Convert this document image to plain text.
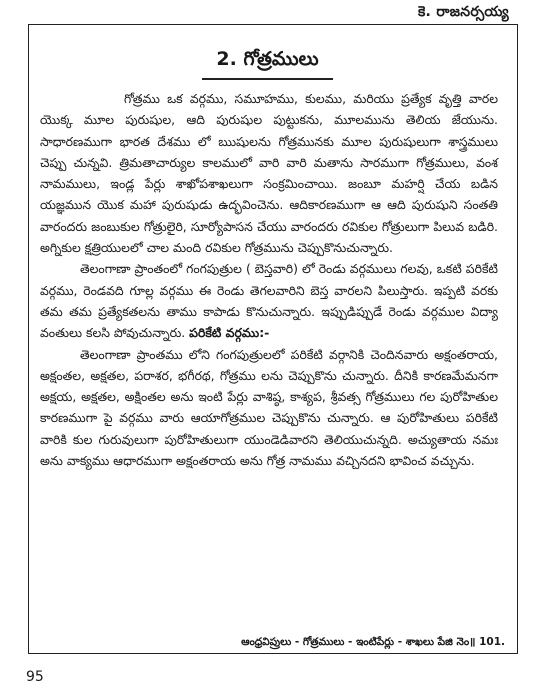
కె. రాజనర్సయ్య
2. గోత్రములు

గోత్రము ఒక వర్గము, సమూహము, కులము, మరియు ప్రత్యేక వృత్తి వారల యొక్క మూల పురుషుల, ఆది పురుషుల పుట్టుకను, మూలమును తెలియ జేయును. సాధారణముగా భారత దేశము లో ఋషులను గోత్రమునకు మూల పురుషులుగా శాస్త్రములు చెప్పు చున్నవి. త్రిమతాచార్యుల కాలములో వారి వారి మతాను సారముగా గోత్రములు, వంశ నామములు, ఇండ్ల పేర్లు శాఖోపశాఖలుగా సంక్రమించాయి. జంబూ మహర్షి చేయ బడిన యజ్ఞమున యొక మహా పురుషుడు ఉద్భవించెను. ఆదికారణముగా ఆ ఆది పురుషుని సంతతి వారందరు జంబుకుల గోత్రులైరి, సూర్యోపాసన చేయు వారందరు రవికుల గోత్రులుగా పిలువ బడిరి. అగ్నికుల క్షత్రియులలో చాల మంది రవికుల గోత్రమును చెప్పుకొనుచున్నారు.

తెలంగాణా ప్రాంతంలో గంగపుత్రుల ( బెస్తవారి) లో రెండు వర్గములు గలవు, ఒకటి పరికేటి వర్గము, రెండవది గూల్ల వర్గము ఈ రెండు తెగలవారిని బెస్త వారలని పిలుస్తారు. ఇప్పటి వరకు తమ తమ ప్రత్యేకతలను తాము కాపాడు కొనుచున్నారు. ఇప్పుడిప్పుడే రెండు వర్గముల విద్యా వంతులు కలసి పోవుచున్నారు. పరికేటి వర్గము:-

తెలంగాణా ప్రాంతము లోని గంగపుత్రులలో పరికేటి వర్గానికి చెందినవారు అక్షంతరాయ, అక్షంతల, అక్షతల, పరాశర, భగీరథ, గోత్రము లను చెప్పుకొను చున్నారు. దీనికి కారణమేమనగా అక్షయ, అక్షతల, అక్షింతల అను ఇంటి పేర్లు వాశిష్ఠ, కాశ్యప, శ్రీవత్స గోత్రములు గల పురోహితుల కారణముగా పై వర్గము వారు ఆయాగోత్రముల చెప్పుకొను చున్నారు. ఆ పురోహితులు పరికేటి వారికి కుల గురువులుగా పురోహితులుగా యుండెడివారని తెలియుచున్నది. అచ్యుతాయ నమః అను వాక్యము ఆధారముగా అక్షంతరాయ అను గోత్ర నామము వచ్చినదని భావించ వచ్చును.

ఆంధ్రవిప్రులు - గోత్రములు - ఇంటిపేర్లు - శాఖలు పేజి నెం॥ 101.
95
